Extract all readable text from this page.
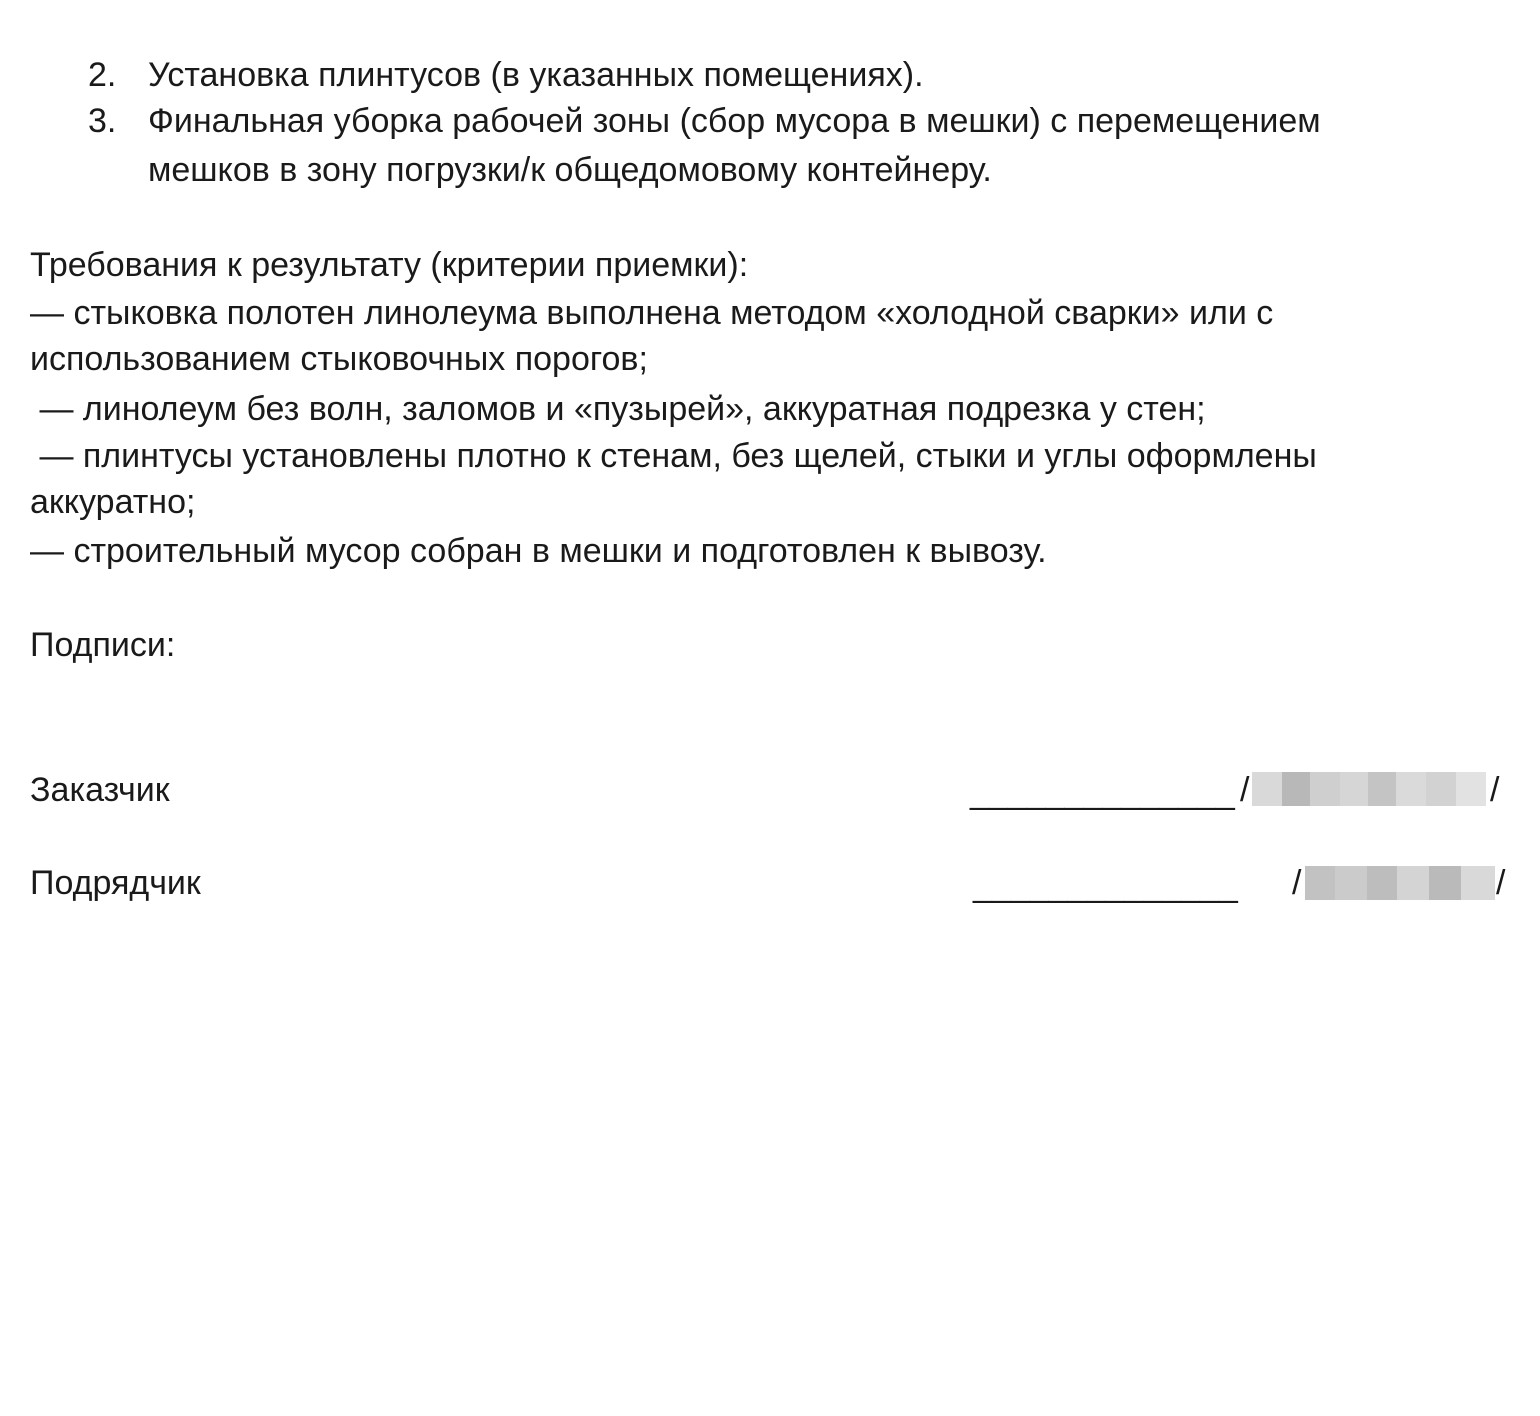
2. Установка плинтусов (в указанных помещениях).
3. Финальная уборка рабочей зоны (сбор мусора в мешки) с перемещением
мешков в зону погрузки/к общедомовому контейнеру.
Требования к результату (критерии приемки):
— стыковка полотен линолеума выполнена методом «холодной сварки» или с
использованием стыковочных порогов;
— линолеум без волн, заломов и «пузырей», аккуратная подрезка у стен;
— плинтусы установлены плотно к стенам, без щелей, стыки и углы оформлены
аккуратно;
— строительный мусор собран в мешки и подготовлен к вывозу.
Подписи:
Заказчик	______________ /	/
Подрядчик	______________ /	/
